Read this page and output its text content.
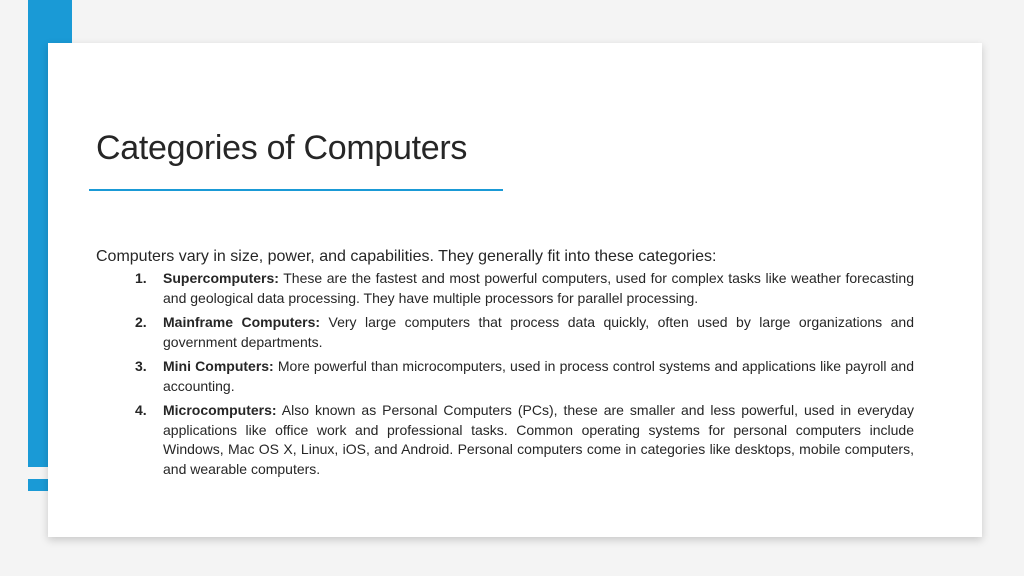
Categories of Computers

Computers vary in size, power, and capabilities. They generally fit into these categories:

1. Supercomputers: These are the fastest and most powerful computers, used for complex tasks like weather forecasting and geological data processing. They have multiple processors for parallel processing.
2. Mainframe Computers: Very large computers that process data quickly, often used by large organizations and government departments.
3. Mini Computers: More powerful than microcomputers, used in process control systems and applications like payroll and accounting.
4. Microcomputers: Also known as Personal Computers (PCs), these are smaller and less powerful, used in everyday applications like office work and professional tasks. Common operating systems for personal computers include Windows, Mac OS X, Linux, iOS, and Android. Personal computers come in categories like desktops, mobile computers, and wearable computers.
